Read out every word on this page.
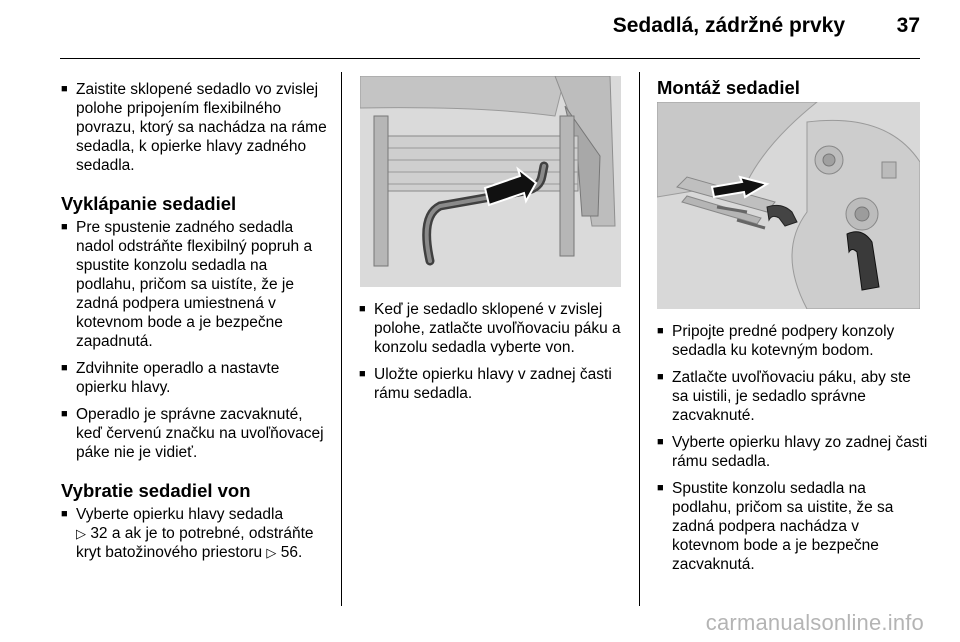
Sedadlá, zádržné prvky 37
■ Zaistite sklopené sedadlo vo zvislej polohe pripojením flexibilného povrazu, ktorý sa nachádza na ráme sedadla, k opierke hlavy zadného sedadla.
Vyklápanie sedadiel
■ Pre spustenie zadného sedadla nadol odstráňte flexibilný popruh a spustite konzolu sedadla na podlahu, pričom sa uistíte, že je zadná podpera umiestnená v kotevnom bode a je bezpečne zapadnutá.
■ Zdvihnite operadlo a nastavte opierku hlavy.
■ Operadlo je správne zacvaknuté, keď červenú značku na uvoľňovacej páke nie je vidieť.
Vybratie sedadiel von
■ Vyberte opierku hlavy sedadla
▷ 32 a ak je to potrebné, odstráňte kryt batožinového priestoru ▷ 56.
■ Keď je sedadlo sklopené v zvislej polohe, zatlačte uvoľňovaciu páku a konzolu sedadla vyberte von.
■ Uložte opierku hlavy v zadnej časti rámu sedadla.
Montáž sedadiel
■ Pripojte predné podpery konzoly sedadla ku kotevným bodom.
■ Zatlačte uvoľňovaciu páku, aby ste sa uistili, je sedadlo správne zacvaknuté.
■ Vyberte opierku hlavy zo zadnej časti rámu sedadla.
■ Spustite konzolu sedadla na podlahu, pričom sa uistite, že sa zadná podpera nachádza v kotevnom bode a je bezpečne zacvaknutá.
carmanualsonline.info
